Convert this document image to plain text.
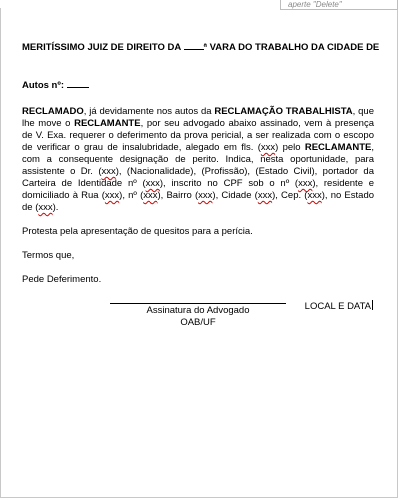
aperte "Delete"

MERITÍSSIMO JUIZ DE DIREITO DA ª VARA DO TRABALHO DA CIDADE DE

Autos nº:
RECLAMADO, já devidamente nos autos da RECLAMAÇÃO TRABALHISTA, que lhe move o RECLAMANTE, por seu advogado abaixo assinado, vem à presença de V. Exa. requerer o deferimento da prova pericial, a ser realizada com o escopo de verificar o grau de insalubridade, alegado em fls. (xxx) pelo RECLAMANTE, com a consequente designação de perito. Indica, nesta oportunidade, para assistente o Dr. (xxx), (Nacionalidade), (Profissão), (Estado Civil), portador da Carteira de Identidade nº (xxx), inscrito no CPF sob o nº (xxx), residente e domiciliado à Rua (xxx), nº (xxx), Bairro (xxx), Cidade (xxx), Cep. (xxx), no Estado de (xxx).
Protesta pela apresentação de quesitos para a perícia.
Termos que,
Pede Deferimento.
LOCAL E DATA
Assinatura do Advogado
OAB/UF
